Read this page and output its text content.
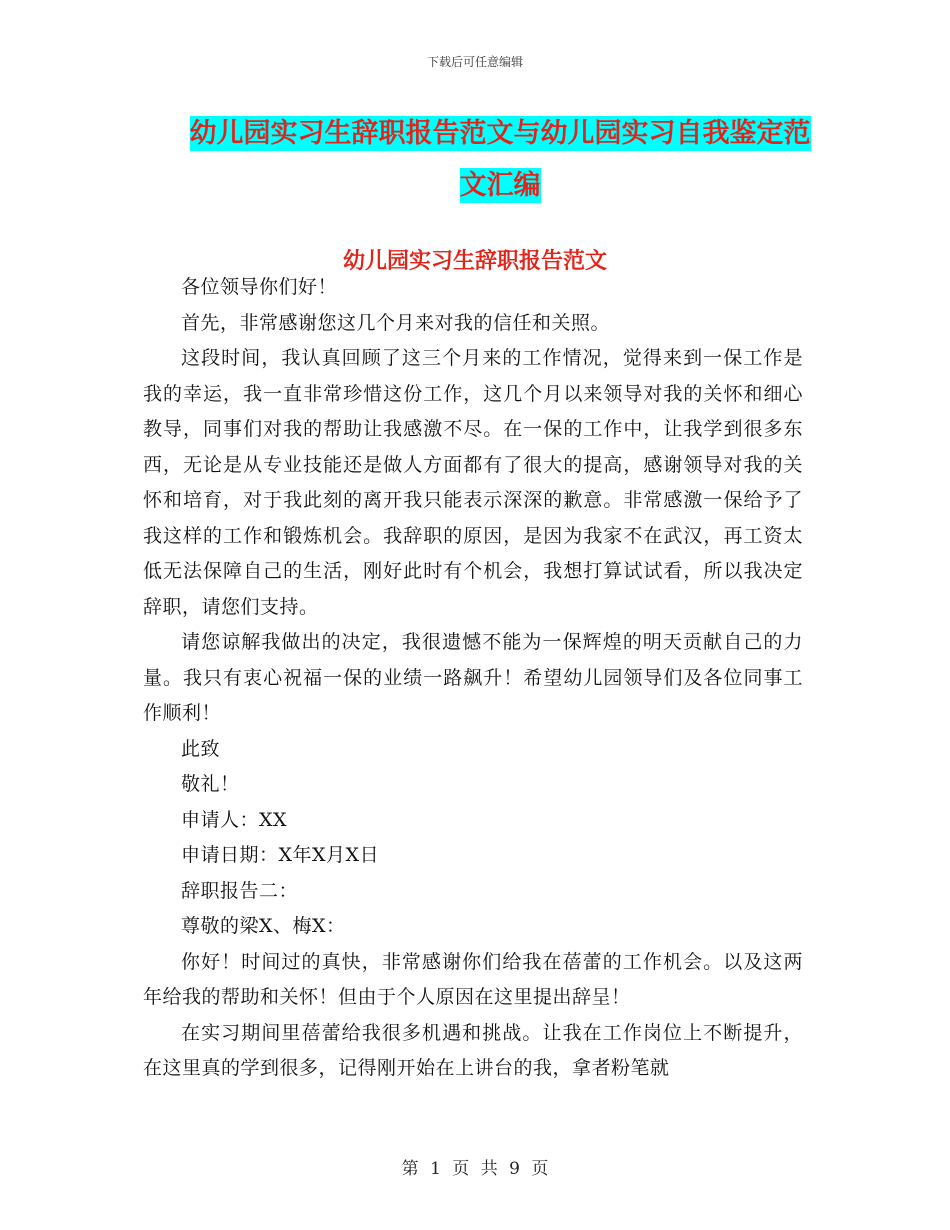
下载后可任意编辑
幼儿园实习生辞职报告范文与幼儿园实习自我鉴定范
文汇编
幼儿园实习生辞职报告范文

各位领导你们好！

首先，非常感谢您这几个月来对我的信任和关照。

这段时间，我认真回顾了这三个月来的工作情况，觉得来到一保工作是我的幸运，我一直非常珍惜这份工作，这几个月以来领导对我的关怀和细心教导，同事们对我的帮助让我感激不尽。在一保的工作中，让我学到很多东西，无论是从专业技能还是做人方面都有了很大的提高，感谢领导对我的关怀和培育，对于我此刻的离开我只能表示深深的歉意。非常感激一保给予了我这样的工作和锻炼机会。我辞职的原因，是因为我家不在武汉，再工资太低无法保障自己的生活，刚好此时有个机会，我想打算试试看，所以我决定辞职，请您们支持。

请您谅解我做出的决定，我很遗憾不能为一保辉煌的明天贡献自己的力量。我只有衷心祝福一保的业绩一路飙升！希望幼儿园领导们及各位同事工作顺利！

此致

敬礼！

申请人：XX

申请日期：X年X月X日

辞职报告二：

尊敬的梁X、梅X：

你好！时间过的真快，非常感谢你们给我在蓓蕾的工作机会。以及这两年给我的帮助和关怀！但由于个人原因在这里提出辞呈！

在实习期间里蓓蕾给我很多机遇和挑战。让我在工作岗位上不断提升，在这里真的学到很多，记得刚开始在上讲台的我，拿者粉笔就

第 1 页 共 9 页
